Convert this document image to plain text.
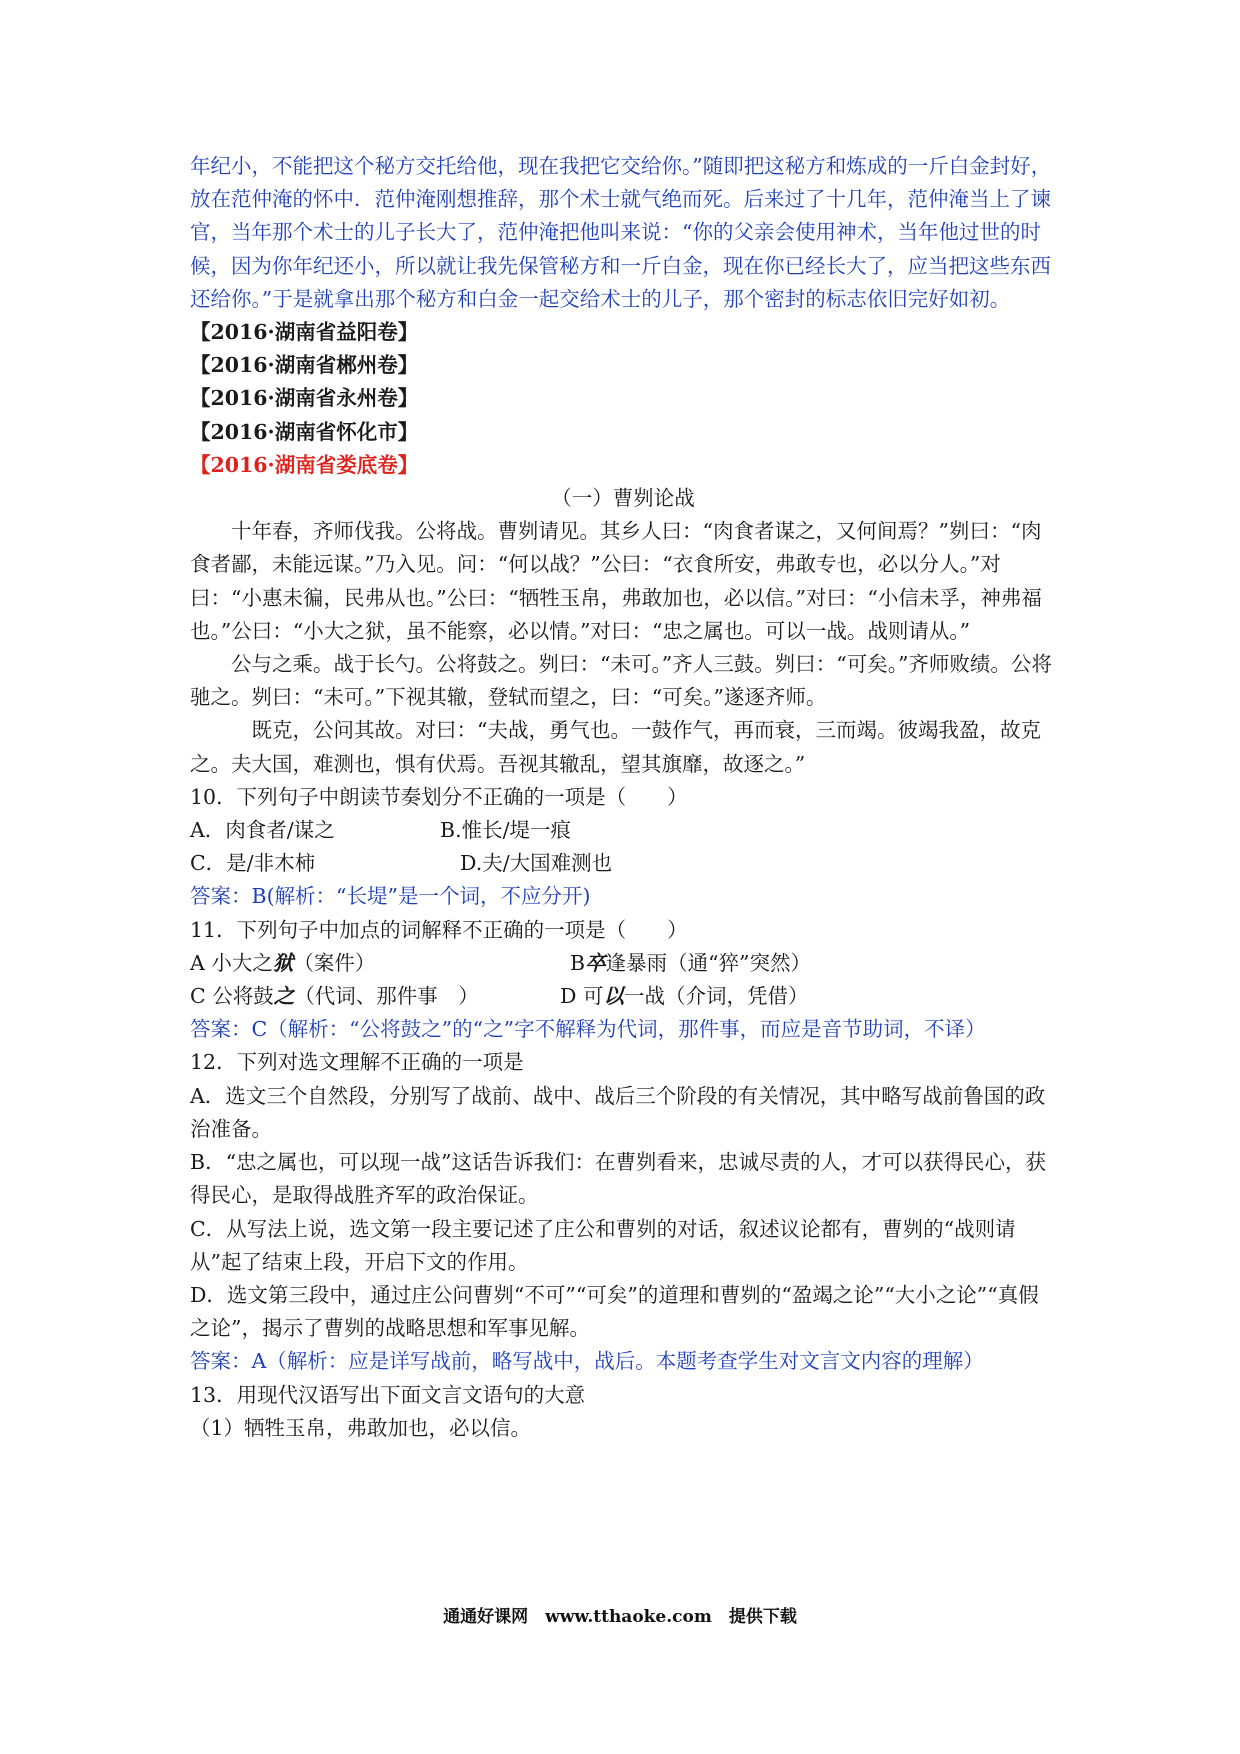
年纪小，不能把这个秘方交托给他，现在我把它交给你。”随即把这秘方和炼成的一斤白金封好，放在范仲淹的怀中．范仲淹刚想推辞，那个术士就气绝而死。后来过了十几年，范仲淹当上了谏官，当年那个术士的儿子长大了，范仲淹把他叫来说：“你的父亲会使用神术，当年他过世的时候，因为你年纪还小，所以就让我先保管秘方和一斤白金，现在你已经长大了，应当把这些东西还给你。”于是就拿出那个秘方和白金一起交给术士的儿子，那个密封的标志依旧完好如初。

【2016·湖南省益阳卷】

【2016·湖南省郴州卷】

【2016·湖南省永州卷】

【2016·湖南省怀化市】

【2016·湖南省娄底卷】

（一）曹刿论战

十年春，齐师伐我。公将战。曹刿请见。其乡人曰：“肉食者谋之，又何间焉？”刿曰：“肉食者鄙，未能远谋。”乃入见。问：“何以战？”公曰：“衣食所安，弗敢专也，必以分人。”对曰：“小惠未徧，民弗从也。”公曰：“牺牲玉帛，弗敢加也，必以信。”对曰：“小信未孚，神弗福也。”公曰：“小大之狱，虽不能察，必以情。”对曰：“忠之属也。可以一战。战则请从。”

公与之乘。战于长勺。公将鼓之。刿曰：“未可。”齐人三鼓。刿曰：“可矣。”齐师败绩。公将驰之。刿曰：“未可。”下视其辙，登轼而望之，曰：“可矣。”遂逐齐师。

既克，公问其故。对曰：“夫战，勇气也。一鼓作气，再而衰，三而竭。彼竭我盈，故克之。夫大国，难测也，惧有伏焉。吾视其辙乱，望其旗靡，故逐之。”

10．下列句子中朗读节奏划分不正确的一项是（　　）

A．肉食者/谋之	B.惟长/堤一痕

C．是/非木柿	D.夫/大国难测也

答案：B(解析：“长堤”是一个词，不应分开)

11．下列句子中加点的词解释不正确的一项是（　　）

A 小大之狱（案件）	B卒逢暴雨（通“猝”突然）

C 公将鼓之（代词、那件事　）	D 可以一战（介词，凭借）

答案：C（解析：“公将鼓之”的“之”字不解释为代词，那件事，而应是音节助词，不译）

12．下列对选文理解不正确的一项是

A．选文三个自然段，分别写了战前、战中、战后三个阶段的有关情况，其中略写战前鲁国的政治准备。

B．“忠之属也，可以现一战”这话告诉我们：在曹刿看来，忠诚尽责的人，才可以获得民心，获得民心，是取得战胜齐军的政治保证。

C．从写法上说，选文第一段主要记述了庄公和曹刿的对话，叙述议论都有，曹刿的“战则请从”起了结束上段，开启下文的作用。

D．选文第三段中，通过庄公问曹刿“不可”“可矣”的道理和曹刿的“盈竭之论”“大小之论”“真假之论”，揭示了曹刿的战略思想和军事见解。

答案：A（解析：应是详写战前，略写战中，战后。本题考查学生对文言文内容的理解）

13．用现代汉语写出下面文言文语句的大意

（1）牺牲玉帛，弗敢加也，必以信。

通通好课网　www.tthaoke.com　提供下载
